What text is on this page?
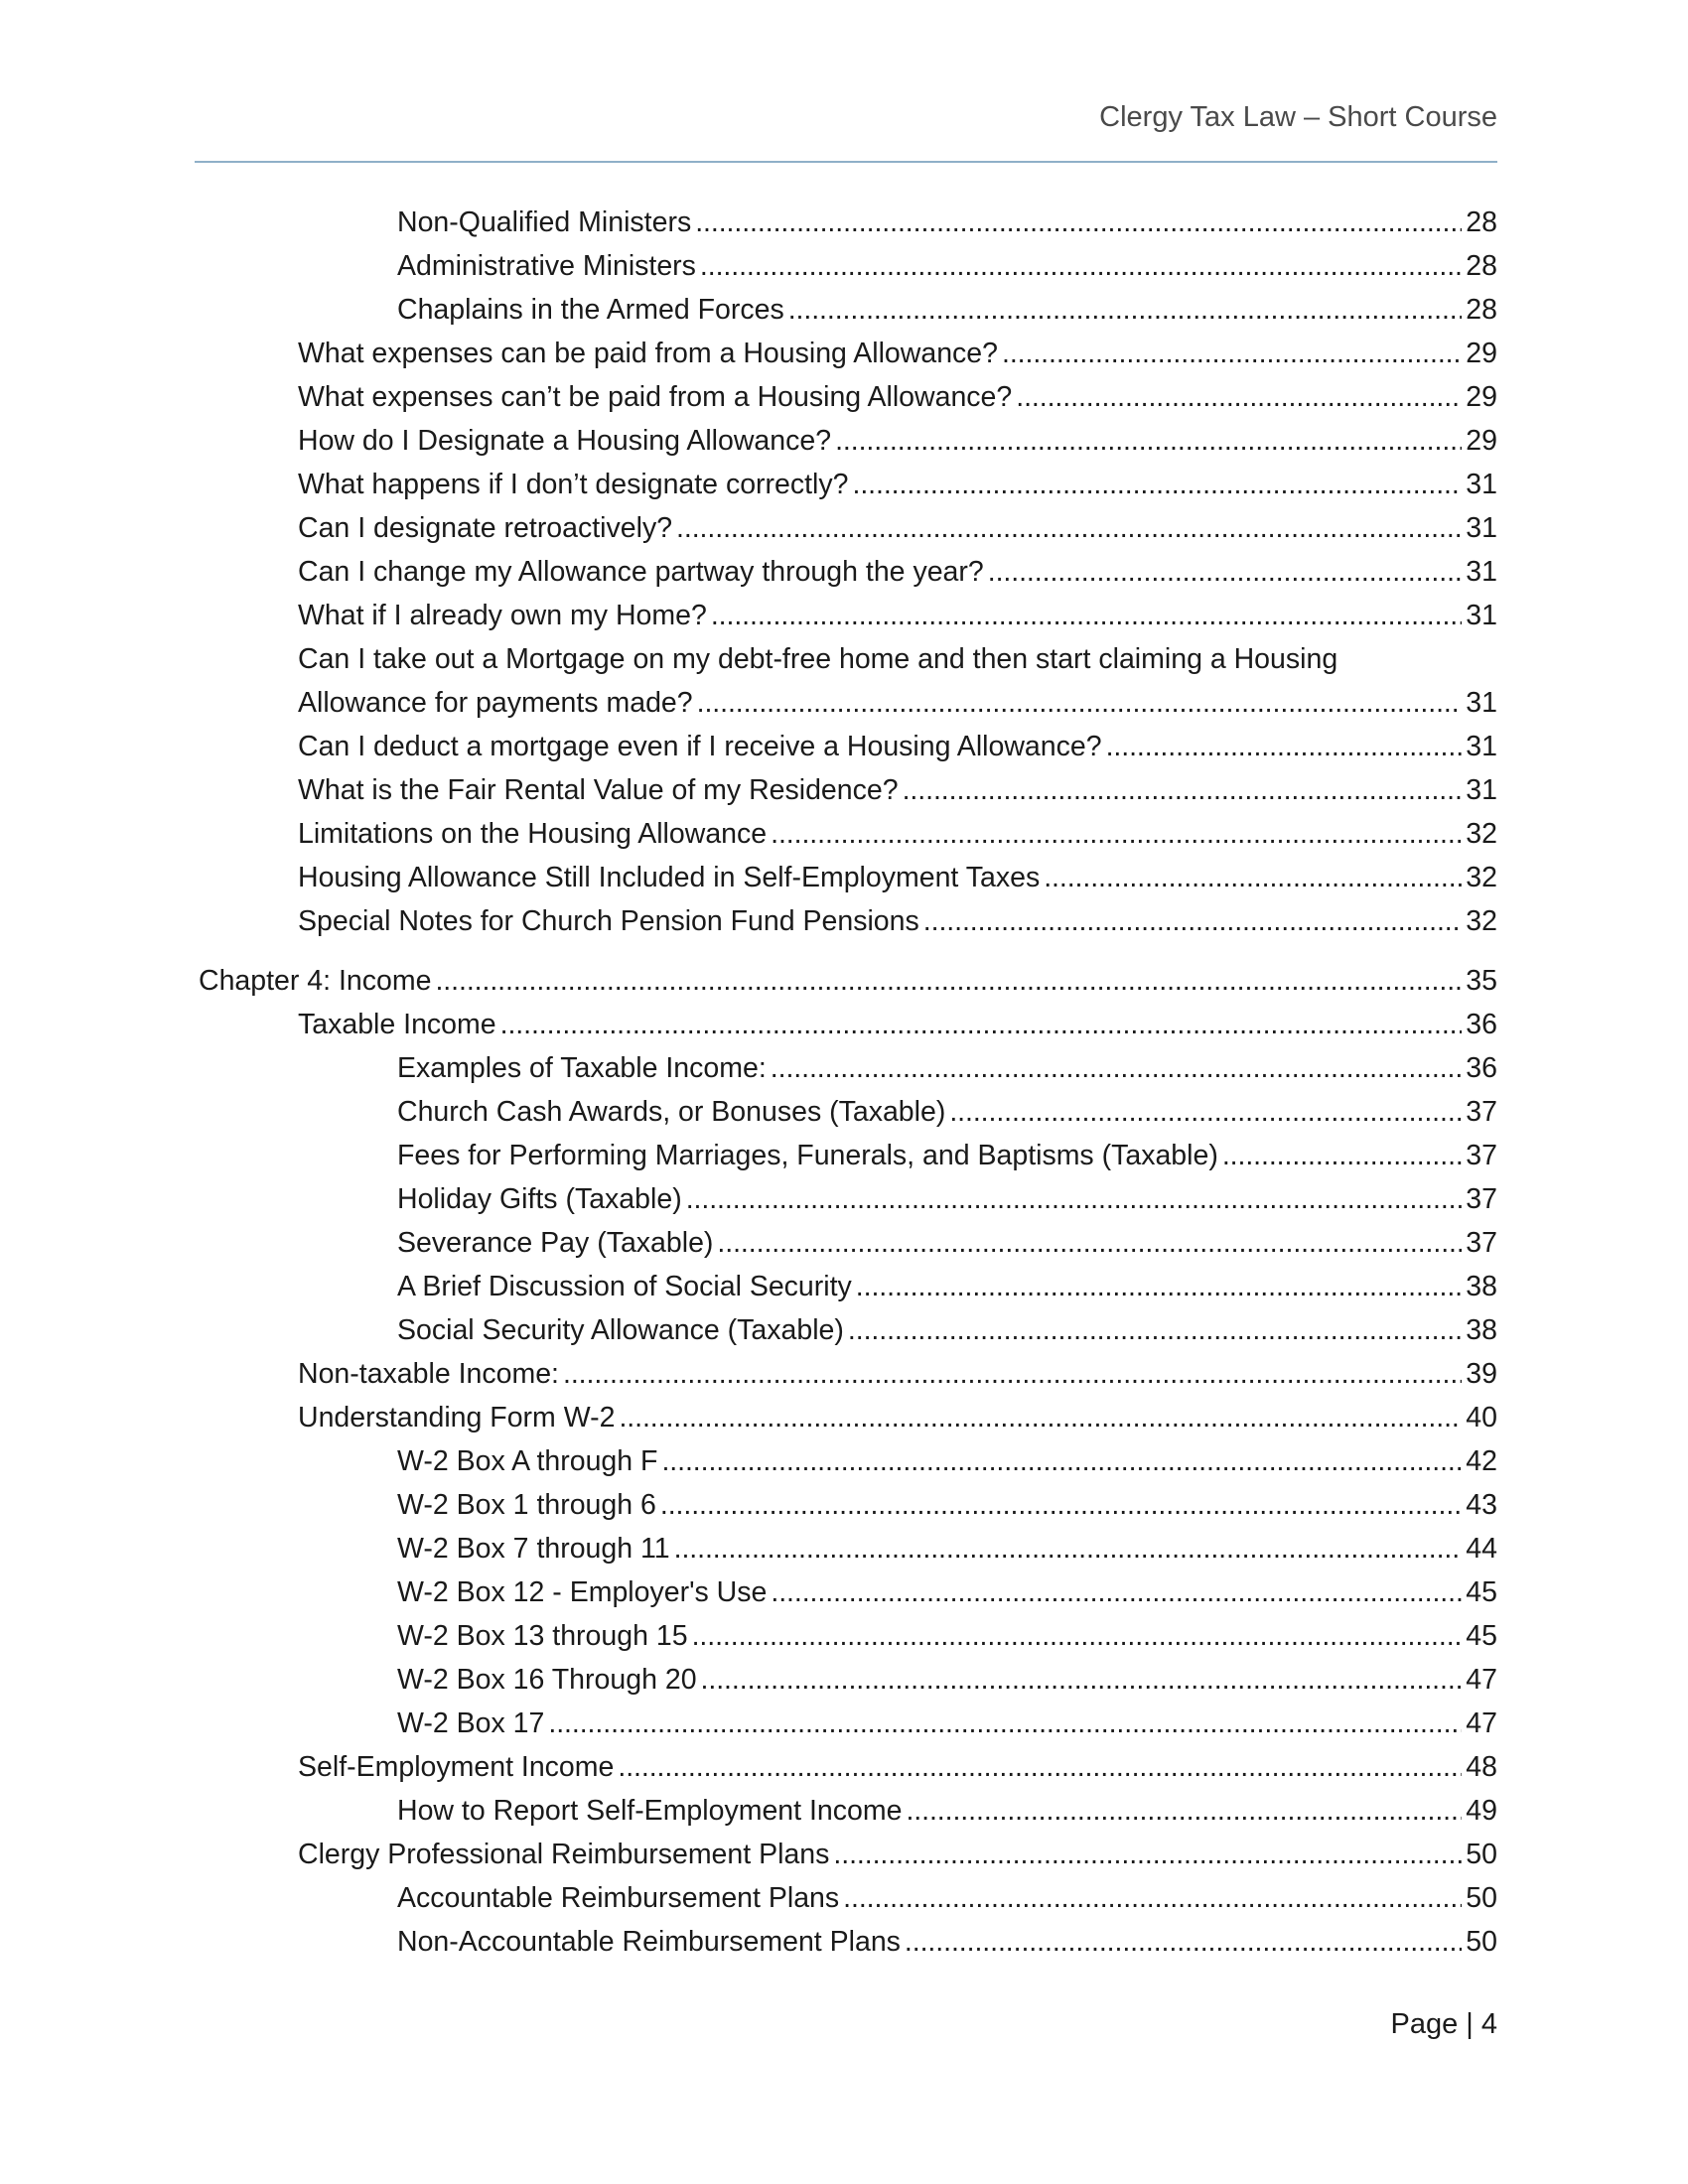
Clergy Tax Law – Short Course
Non-Qualified Ministers . . .	28
Administrative Ministers . . .	28
Chaplains in the Armed Forces . . .	28
What expenses can be paid from a Housing Allowance? . . .	29
What expenses can’t be paid from a Housing Allowance? . . .	29
How do I Designate a Housing Allowance? . . .	29
What happens if I don’t designate correctly? . . .	31
Can I designate retroactively? . . .	31
Can I change my Allowance partway through the year? . . .	31
What if I already own my Home? . . .	31
Can I take out a Mortgage on my debt-free home and then start claiming a Housing
Allowance for payments made? . . .	31
Can I deduct a mortgage even if I receive a Housing Allowance? . . .	31
What is the Fair Rental Value of my Residence? . . .	31
Limitations on the Housing Allowance . . .	32
Housing Allowance Still Included in Self-Employment Taxes . . .	32
Special Notes for Church Pension Fund Pensions . . .	32
Chapter 4: Income . . .	35
Taxable Income . . .	36
Examples of Taxable Income: . . .	36
Church Cash Awards, or Bonuses (Taxable) . . .	37
Fees for Performing Marriages, Funerals, and Baptisms (Taxable) . . .	37
Holiday Gifts (Taxable) . . .	37
Severance Pay (Taxable) . . .	37
A Brief Discussion of Social Security . . .	38
Social Security Allowance (Taxable) . . .	38
Non-taxable Income: . . .	39
Understanding Form W-2 . . .	40
W-2 Box A through F . . .	42
W-2 Box 1 through 6 . . .	43
W-2 Box 7 through 11 . . .	44
W-2 Box 12 - Employer's Use . . .	45
W-2 Box 13 through 15 . . .	45
W-2 Box 16 Through 20 . . .	47
W-2 Box 17 . . .	47
Self-Employment Income . . .	48
How to Report Self-Employment Income . . .	49
Clergy Professional Reimbursement Plans . . .	50
Accountable Reimbursement Plans . . .	50
Non-Accountable Reimbursement Plans . . .	50
Page | 4
